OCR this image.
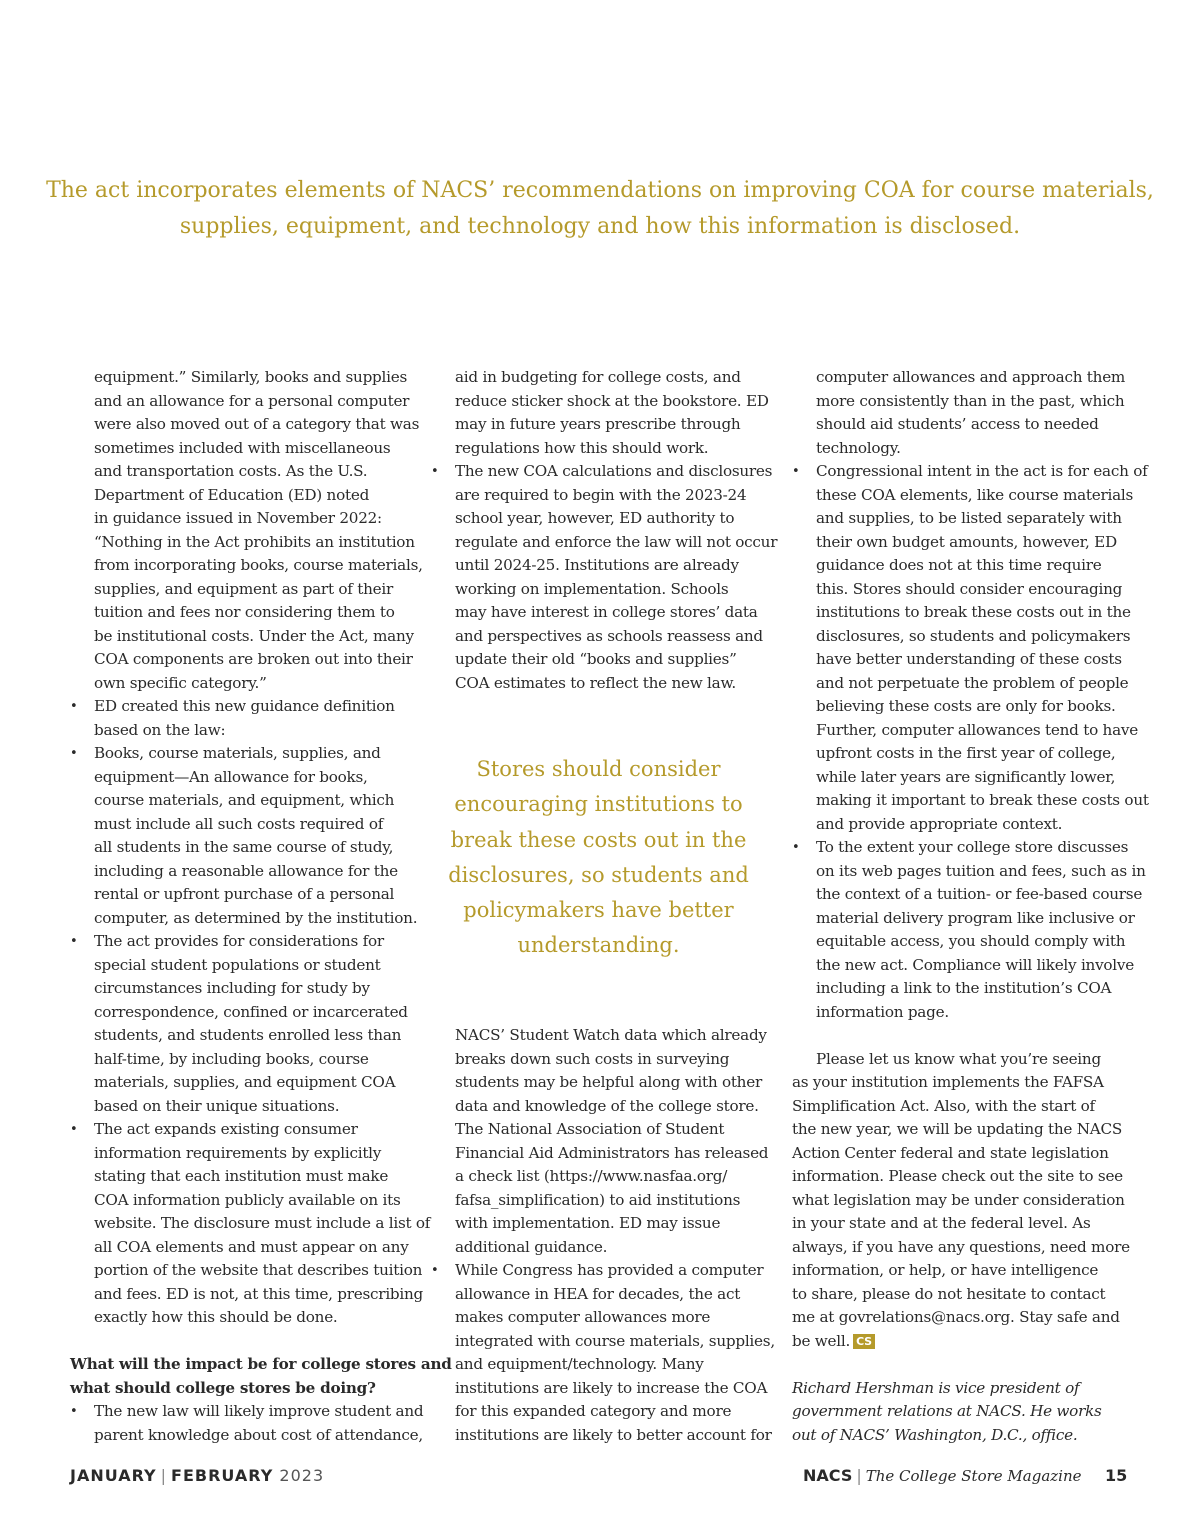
The act incorporates elements of NACS’ recommendations on improving COA for course materials,
supplies, equipment, and technology and how this information is disclosed.
equipment.” Similarly, books and supplies
and an allowance for a personal computer
were also moved out of a category that was
sometimes included with miscellaneous
and transportation costs. As the U.S.
Department of Education (ED) noted
in guidance issued in November 2022:
“Nothing in the Act prohibits an institution
from incorporating books, course materials,
supplies, and equipment as part of their
tuition and fees nor considering them to
be institutional costs. Under the Act, many
COA components are broken out into their
own specific category.”
• ED created this new guidance definition
based on the law:
• Books, course materials, supplies, and
equipment—An allowance for books,
course materials, and equipment, which
must include all such costs required of
all students in the same course of study,
including a reasonable allowance for the
rental or upfront purchase of a personal
computer, as determined by the institution.
• The act provides for considerations for
special student populations or student
circumstances including for study by
correspondence, confined or incarcerated
students, and students enrolled less than
half-time, by including books, course
materials, supplies, and equipment COA
based on their unique situations.
• The act expands existing consumer
information requirements by explicitly
stating that each institution must make
COA information publicly available on its
website. The disclosure must include a list of
all COA elements and must appear on any
portion of the website that describes tuition
and fees. ED is not, at this time, prescribing
exactly how this should be done.
What will the impact be for college stores and
what should college stores be doing?
• The new law will likely improve student and
parent knowledge about cost of attendance,
aid in budgeting for college costs, and
reduce sticker shock at the bookstore. ED
may in future years prescribe through
regulations how this should work.
• The new COA calculations and disclosures
are required to begin with the 2023-24
school year, however, ED authority to
regulate and enforce the law will not occur
until 2024-25. Institutions are already
working on implementation. Schools
may have interest in college stores’ data
and perspectives as schools reassess and
update their old “books and supplies”
COA estimates to reflect the new law.
NACS’ Student Watch data which already
breaks down such costs in surveying
students may be helpful along with other
data and knowledge of the college store.
The National Association of Student
Financial Aid Administrators has released
a check list (https://www.nasfaa.org/
fafsa_simplification) to aid institutions
with implementation. ED may issue
additional guidance.
• While Congress has provided a computer
allowance in HEA for decades, the act
makes computer allowances more
integrated with course materials, supplies,
and equipment/technology. Many
institutions are likely to increase the COA
for this expanded category and more
institutions are likely to better account for
Stores should consider
encouraging institutions to
break these costs out in the
disclosures, so students and
policymakers have better
understanding.
computer allowances and approach them
more consistently than in the past, which
should aid students’ access to needed
technology.
• Congressional intent in the act is for each of
these COA elements, like course materials
and supplies, to be listed separately with
their own budget amounts, however, ED
guidance does not at this time require
this. Stores should consider encouraging
institutions to break these costs out in the
disclosures, so students and policymakers
have better understanding of these costs
and not perpetuate the problem of people
believing these costs are only for books.
Further, computer allowances tend to have
upfront costs in the first year of college,
while later years are significantly lower,
making it important to break these costs out
and provide appropriate context.
• To the extent your college store discusses
on its web pages tuition and fees, such as in
the context of a tuition- or fee-based course
material delivery program like inclusive or
equitable access, you should comply with
the new act. Compliance will likely involve
including a link to the institution’s COA
information page.
Please let us know what you’re seeing
as your institution implements the FAFSA
Simplification Act. Also, with the start of
the new year, we will be updating the NACS
Action Center federal and state legislation
information. Please check out the site to see
what legislation may be under consideration
in your state and at the federal level. As
always, if you have any questions, need more
information, or help, or have intelligence
to share, please do not hesitate to contact
me at govrelations@nacs.org. Stay safe and
be well. CS
Richard Hershman is vice president of
government relations at NACS. He works
out of NACS’ Washington, D.C., office.
JANUARY | FEBRUARY 2023	NACS | The College Store Magazine 15
